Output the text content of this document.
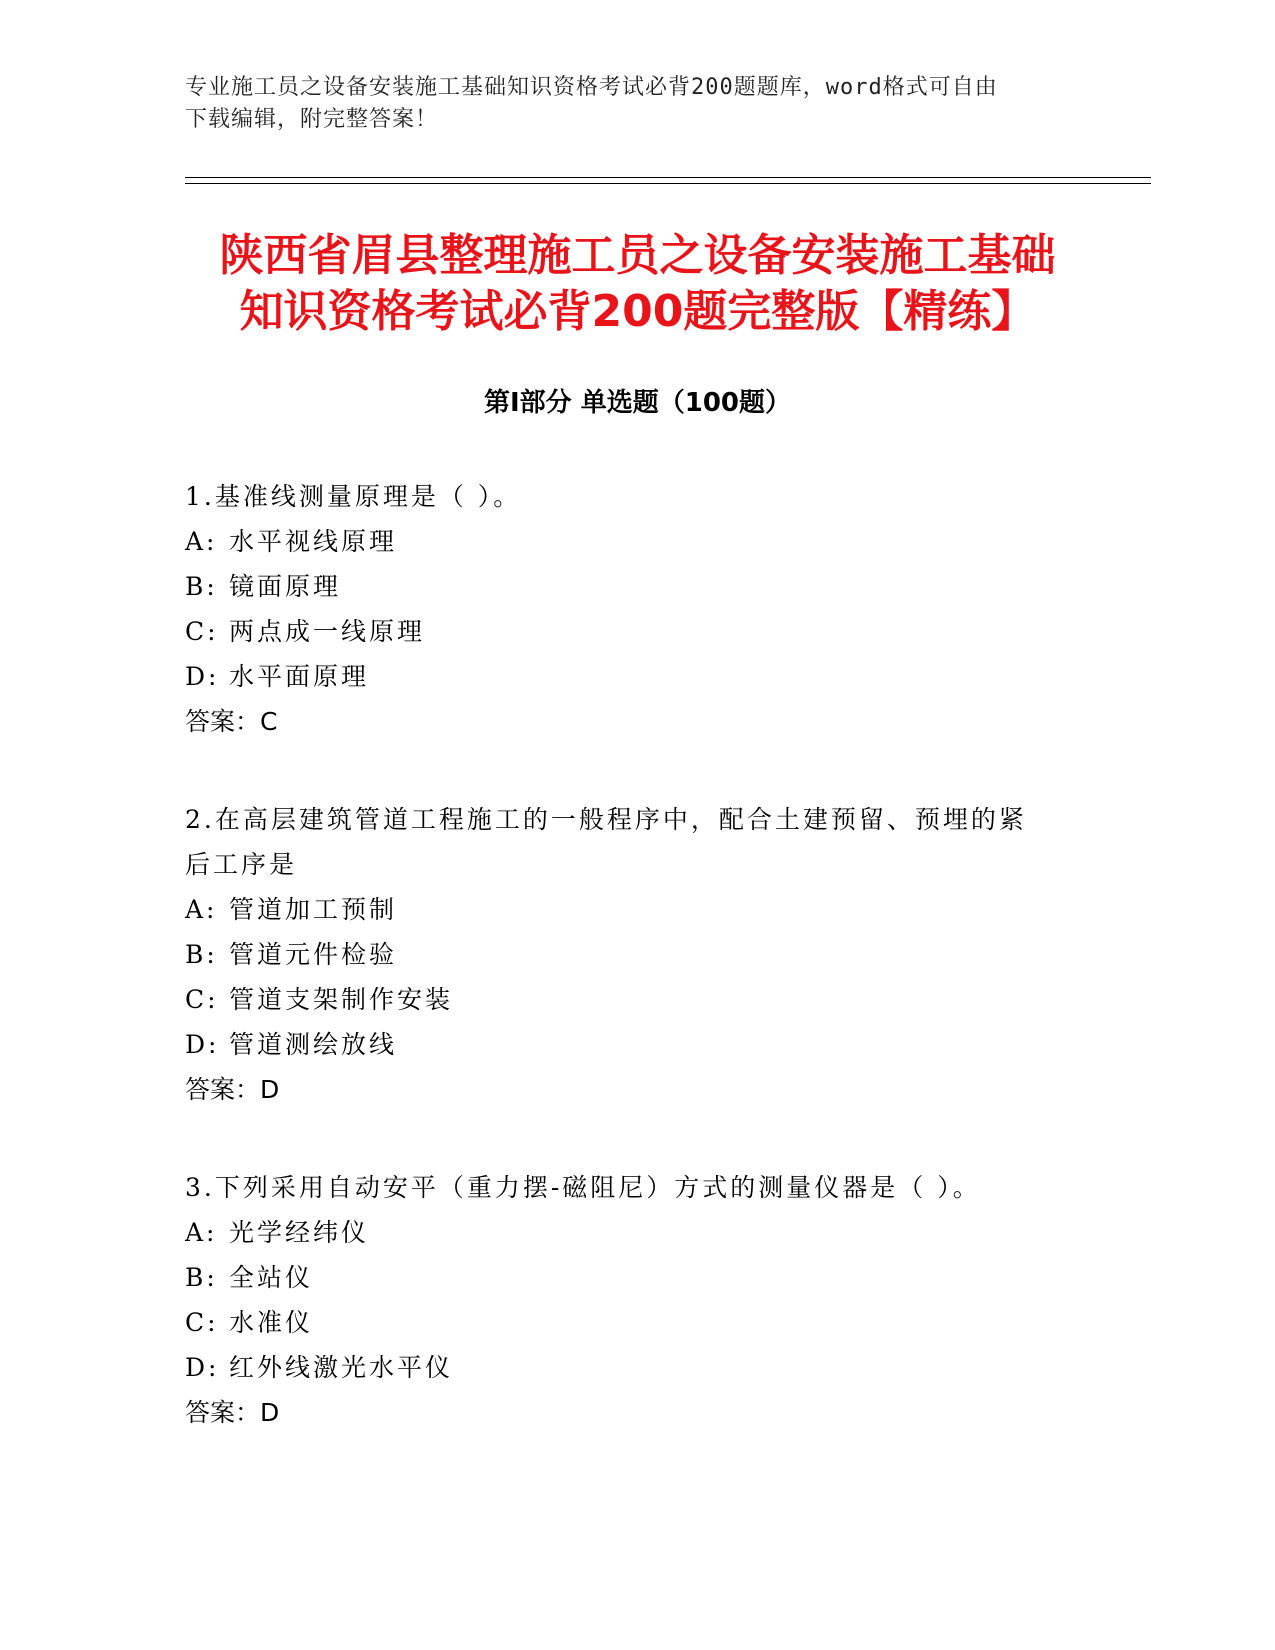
专业施工员之设备安装施工基础知识资格考试必背200题题库，word格式可自由
下载编辑，附完整答案！
陕西省眉县整理施工员之设备安装施工基础
知识资格考试必背200题完整版【精练】
第Ⅰ部分 单选题（100题）

1.基准线测量原理是（ ）。

A: 水平视线原理

B: 镜面原理

C: 两点成一线原理

D: 水平面原理

答案：C

2.在高层建筑管道工程施工的一般程序中，配合土建预留、预埋的紧

后工序是

A: 管道加工预制

B: 管道元件检验

C: 管道支架制作安装

D: 管道测绘放线

答案：D

3.下列采用自动安平（重力摆-磁阻尼）方式的测量仪器是（ ）。

A: 光学经纬仪

B: 全站仪

C: 水准仪

D: 红外线激光水平仪

答案：D
